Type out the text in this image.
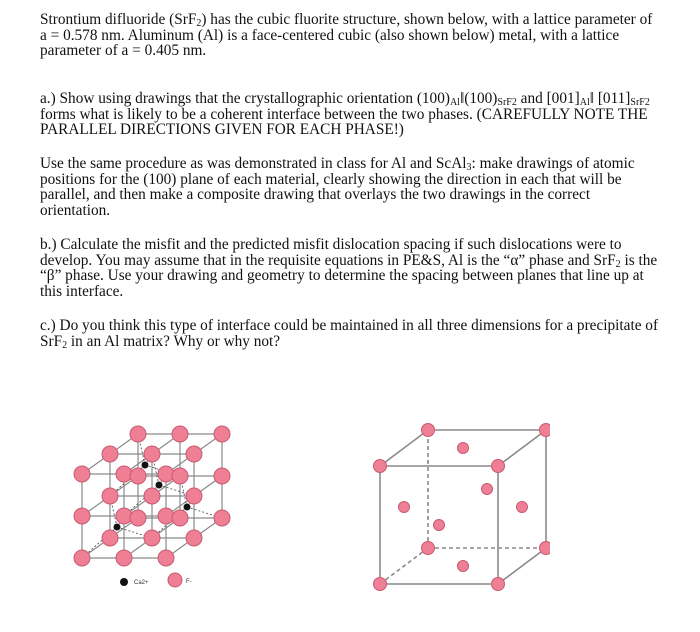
Strontium difluoride (SrF$_2$) has the cubic fluorite structure, shown below, with a lattice parameter of a = 0.578 nm. Aluminum (Al) is a face-centered cubic (also shown below) metal, with a lattice parameter of a = 0.405 nm.

a.) Show using drawings that the crystallographic orientation $(100)_{Al}‖(100)_{SrF2}$ and $[001]_{Al}‖$ $[011]_{SrF2}$ forms what is likely to be a coherent interface between the two phases. (CAREFULLY NOTE THE PARALLEL DIRECTIONS GIVEN FOR EACH PHASE!)

Use the same procedure as was demonstrated in class for Al and ScAl$_3$: make drawings of atomic positions for the (100) plane of each material, clearly showing the direction in each that will be parallel, and then make a composite drawing that overlays the two drawings in the correct orientation.

b.) Calculate the misfit and the predicted misfit dislocation spacing if such dislocations were to develop. You may assume that in the requisite equations in PE&S, Al is the “α” phase and SrF$_2$ is the “β” phase. Use your drawing and geometry to determine the spacing between planes that line up at this interface.

c.) Do you think this type of interface could be maintained in all three dimensions for a precipitate of SrF$_2$ in an Al matrix? Why or why not?

Ca2+	F-
